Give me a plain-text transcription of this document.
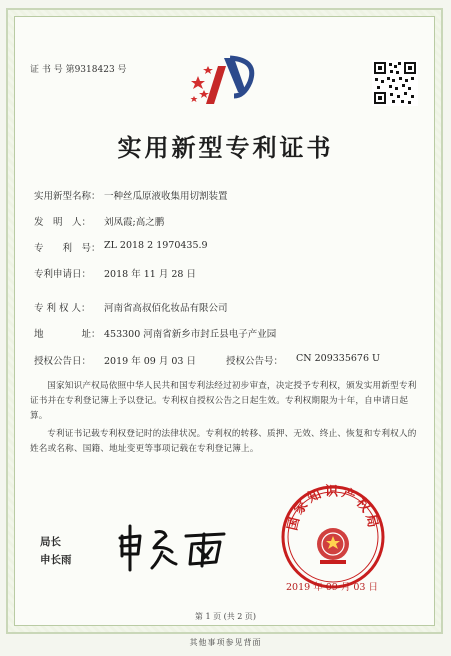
证 书 号 第9318423 号
实用新型专利证书
实用新型名称： 一种丝瓜原液收集用切割装置
发　明　人： 刘凤霞;高之鹏
专　　利　号： ZL 2018 2 1970435.9
专利申请日： 2018 年 11 月 28 日
专 利 权 人： 河南省高叔佰化妆品有限公司
地　　　　址： 453300 河南省新乡市封丘县电子产业园
授权公告日： 2019 年 09 月 03 日	授权公告号： CN 209335676 U
国家知识产权局依照中华人民共和国专利法经过初步审查，决定授予专利权，颁发实用新型专利证书并在专利登记簿上予以登记。专利权自授权公告之日起生效。专利权期限为十年，自申请日起算。
专利证书记载专利权登记时的法律状况。专利权的转移、质押、无效、终止、恢复和专利权人的姓名或名称、国籍、地址变更等事项记载在专利登记簿上。
局长
申长雨
国家知识产权局
2019 年 09 月 03 日
第 1 页 (共 2 页)
其他事项参见背面
